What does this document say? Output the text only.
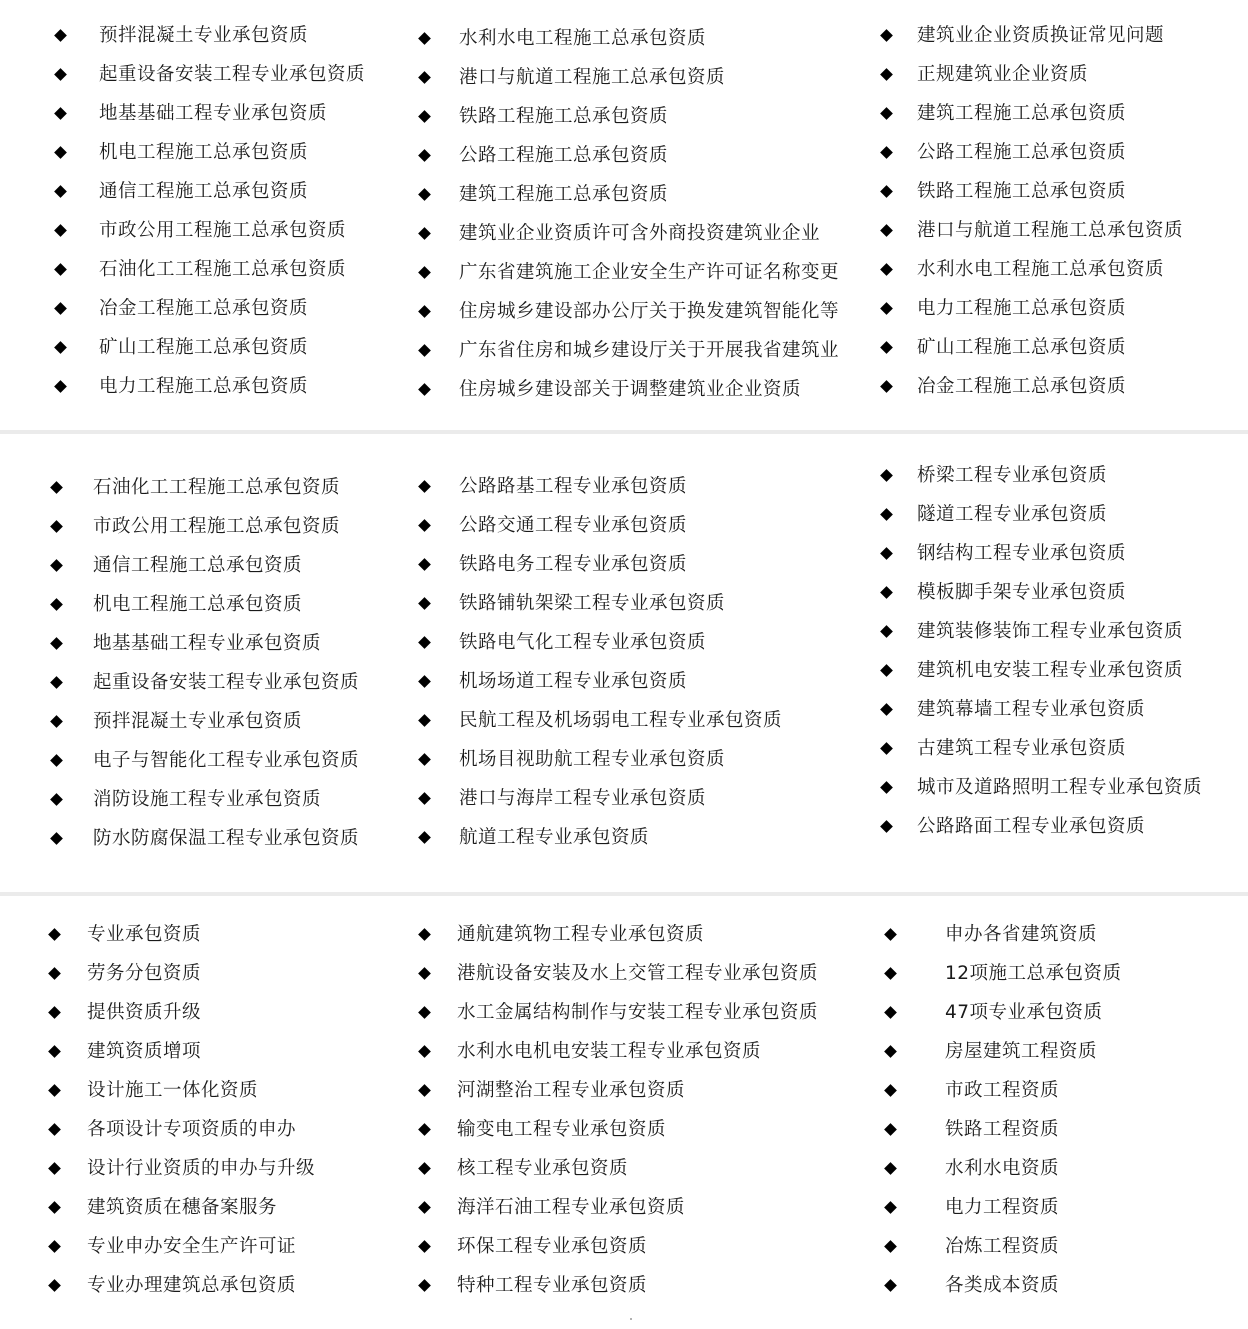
预拌混凝土专业承包资质
起重设备安装工程专业承包资质
地基基础工程专业承包资质
机电工程施工总承包资质
通信工程施工总承包资质
市政公用工程施工总承包资质
石油化工工程施工总承包资质
冶金工程施工总承包资质
矿山工程施工总承包资质
电力工程施工总承包资质
水利水电工程施工总承包资质
港口与航道工程施工总承包资质
铁路工程施工总承包资质
公路工程施工总承包资质
建筑工程施工总承包资质
建筑业企业资质许可含外商投资建筑业企业
广东省建筑施工企业安全生产许可证名称变更
住房城乡建设部办公厅关于换发建筑智能化等
广东省住房和城乡建设厅关于开展我省建筑业
住房城乡建设部关于调整建筑业企业资质
建筑业企业资质换证常见问题
正规建筑业企业资质
建筑工程施工总承包资质
公路工程施工总承包资质
铁路工程施工总承包资质
港口与航道工程施工总承包资质
水利水电工程施工总承包资质
电力工程施工总承包资质
矿山工程施工总承包资质
冶金工程施工总承包资质
石油化工工程施工总承包资质
市政公用工程施工总承包资质
通信工程施工总承包资质
机电工程施工总承包资质
地基基础工程专业承包资质
起重设备安装工程专业承包资质
预拌混凝土专业承包资质
电子与智能化工程专业承包资质
消防设施工程专业承包资质
防水防腐保温工程专业承包资质
公路路基工程专业承包资质
公路交通工程专业承包资质
铁路电务工程专业承包资质
铁路铺轨架梁工程专业承包资质
铁路电气化工程专业承包资质
机场场道工程专业承包资质
民航工程及机场弱电工程专业承包资质
机场目视助航工程专业承包资质
港口与海岸工程专业承包资质
航道工程专业承包资质
桥梁工程专业承包资质
隧道工程专业承包资质
钢结构工程专业承包资质
模板脚手架专业承包资质
建筑装修装饰工程专业承包资质
建筑机电安装工程专业承包资质
建筑幕墙工程专业承包资质
古建筑工程专业承包资质
城市及道路照明工程专业承包资质
公路路面工程专业承包资质
专业承包资质
劳务分包资质
提供资质升级
建筑资质增项
设计施工一体化资质
各项设计专项资质的申办
设计行业资质的申办与升级
建筑资质在穗备案服务
专业申办安全生产许可证
专业办理建筑总承包资质
通航建筑物工程专业承包资质
港航设备安装及水上交管工程专业承包资质
水工金属结构制作与安装工程专业承包资质
水利水电机电安装工程专业承包资质
河湖整治工程专业承包资质
输变电工程专业承包资质
核工程专业承包资质
海洋石油工程专业承包资质
环保工程专业承包资质
特种工程专业承包资质
申办各省建筑资质
12项施工总承包资质
47项专业承包资质
房屋建筑工程资质
市政工程资质
铁路工程资质
水利水电资质
电力工程资质
冶炼工程资质
各类成本资质
